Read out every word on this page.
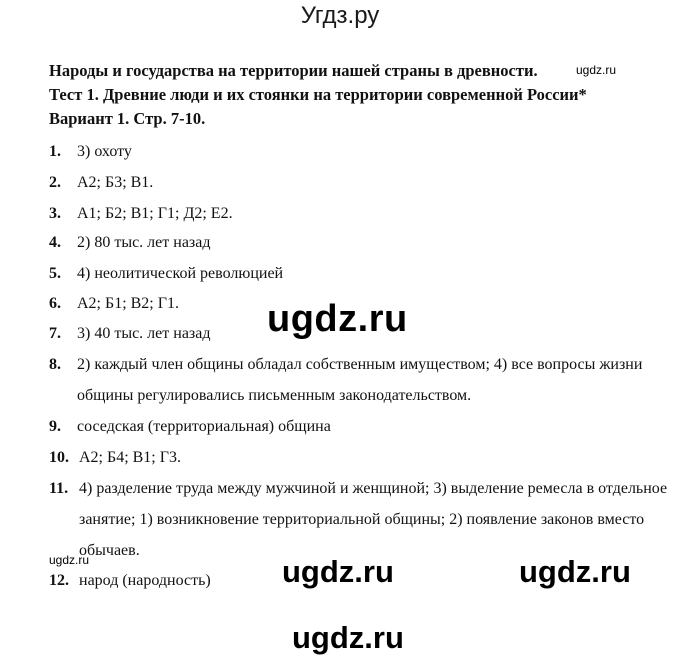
Угдз.ру
Народы и государства на территории нашей страны в древности.	ugdz.ru
Тест 1. Древние люди и их стоянки на территории современной России*
Вариант 1. Стр. 7-10.
1. 3) охоту
2. А2; Б3; В1.
3. А1; Б2; В1; Г1; Д2; Е2.
4. 2) 80 тыс. лет назад
5. 4) неолитической революцией
6. А2; Б1; В2; Г1.
7. 3) 40 тыс. лет назад	ugdz.ru
8. 2) каждый член общины обладал собственным имуществом; 4) все вопросы жизни общины регулировались письменным законодательством.
9. соседская (территориальная) община
10. А2; Б4; В1; Г3.
11. 4) разделение труда между мужчиной и женщиной; 3) выделение ремесла в отдельное занятие; 1) возникновение территориальной общины; 2) появление законов вместо обычаев.
ugdz.ru
12. народ (народность)	ugdz.ru	ugdz.ru
ugdz.ru
